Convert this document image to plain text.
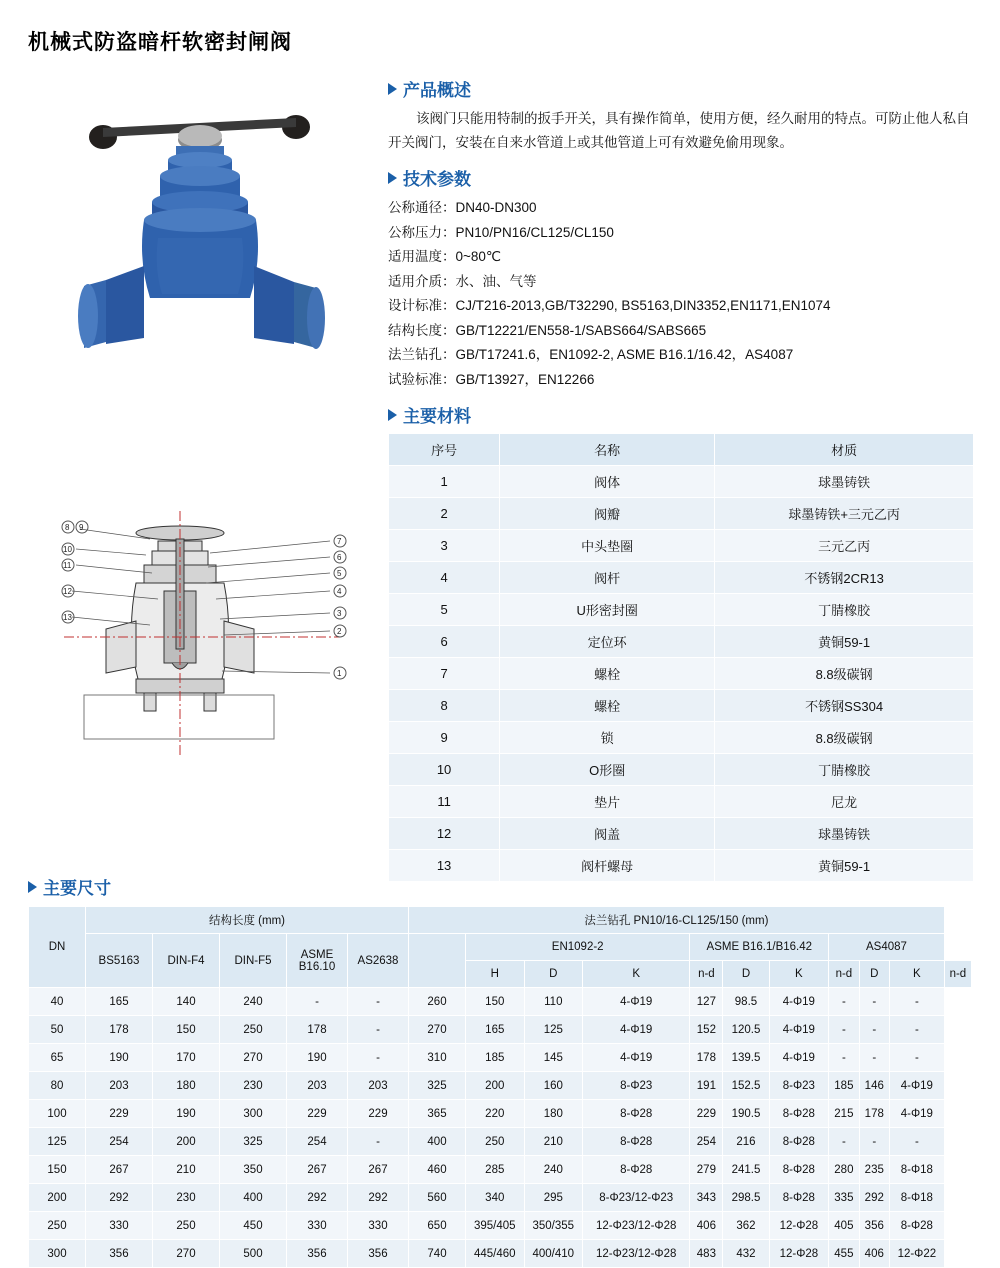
机械式防盗暗杆软密封闸阀
8 9
10
11
12
13
7
6
5
4
3
2
1
产品概述

该阀门只能用特制的扳手开关，具有操作简单，使用方便，经久耐用的特点。可防止他人私自开关阀门，安装在自来水管道上或其他管道上可有效避免偷用现象。

技术参数
公称通径：DN40-DN300
公称压力：PN10/PN16/CL125/CL150
适用温度：0~80℃
适用介质：水、油、气等
设计标准：CJ/T216-2013,GB/T32290, BS5163,DIN3352,EN1171,EN1074
结构长度：GB/T12221/EN558-1/SABS664/SABS665
法兰钻孔：GB/T17241.6，EN1092-2, ASME B16.1/16.42，AS4087
试验标准：GB/T13927，EN12266
主要材料
序号	名称	材质
1	阀体	球墨铸铁
2	阀瓣	球墨铸铁+三元乙丙
3	中头垫圈	三元乙丙
4	阀杆	不锈钢2CR13
5	U形密封圈	丁腈橡胶
6	定位环	黄铜59-1
7	螺栓	8.8级碳钢
8	螺栓	不锈钢SS304
9	锁	8.8级碳钢
10	O形圈	丁腈橡胶
11	垫片	尼龙
12	阀盖	球墨铸铁
13	阀杆螺母	黄铜59-1
主要尺寸
DN	结构长度 (mm)					法兰钻孔 PN10/16-CL125/150 (mm)										
	BS5163	DIN-F4	DIN-F5	ASME B16.10	AS2638		EN1092-2			ASME B16.1/B16.42			AS4087			
							H	D	K	n-d	D	K	n-d	D	K	n-d
40	165	140	240	-	-	260	150	110	4-Φ19	127	98.5	4-Φ19	-	-	-	
50	178	150	250	178	-	270	165	125	4-Φ19	152	120.5	4-Φ19	-	-	-	
65	190	170	270	190	-	310	185	145	4-Φ19	178	139.5	4-Φ19	-	-	-	
80	203	180	230	203	203	325	200	160	8-Φ23	191	152.5	8-Φ23	185	146	4-Φ19	
100	229	190	300	229	229	365	220	180	8-Φ28	229	190.5	8-Φ28	215	178	4-Φ19	
125	254	200	325	254	-	400	250	210	8-Φ28	254	216	8-Φ28	-	-	-	
150	267	210	350	267	267	460	285	240	8-Φ28	279	241.5	8-Φ28	280	235	8-Φ18	
200	292	230	400	292	292	560	340	295	8-Φ23/12-Φ23	343	298.5	8-Φ28	335	292	8-Φ18	
250	330	250	450	330	330	650	395/405	350/355	12-Φ23/12-Φ28	406	362	12-Φ28	405	356	8-Φ28	
300	356	270	500	356	356	740	445/460	400/410	12-Φ23/12-Φ28	483	432	12-Φ28	455	406	12-Φ22	
